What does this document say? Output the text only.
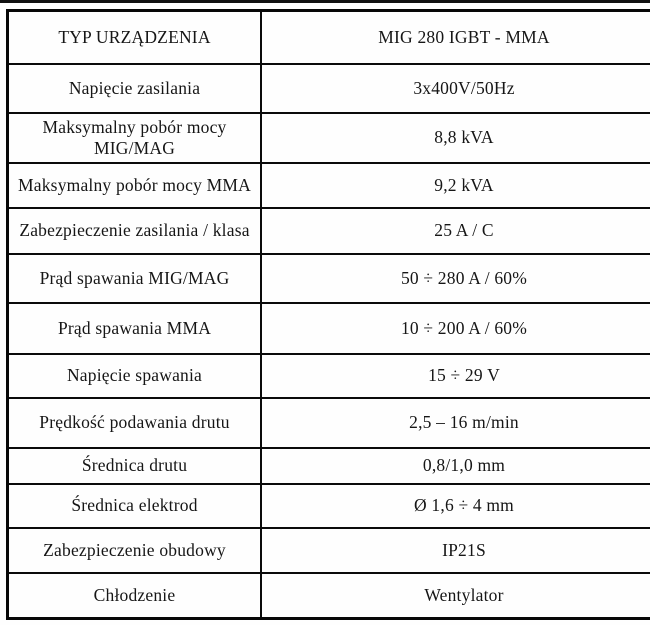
TYP URZĄDZENIA	MIG 280 IGBT - MMA
Napięcie zasilania	3x400V/50Hz
Maksymalny pobór mocy MIG/MAG	8,8 kVA
Maksymalny pobór mocy MMA	9,2 kVA
Zabezpieczenie zasilania / klasa	25 A / C
Prąd spawania MIG/MAG	50 ÷ 280 A / 60%
Prąd spawania MMA	10 ÷ 200 A / 60%
Napięcie spawania	15 ÷ 29 V
Prędkość podawania drutu	2,5 – 16 m/min
Średnica drutu	0,8/1,0 mm
Średnica elektrod	Ø 1,6 ÷ 4 mm
Zabezpieczenie obudowy	IP21S
Chłodzenie	Wentylator
